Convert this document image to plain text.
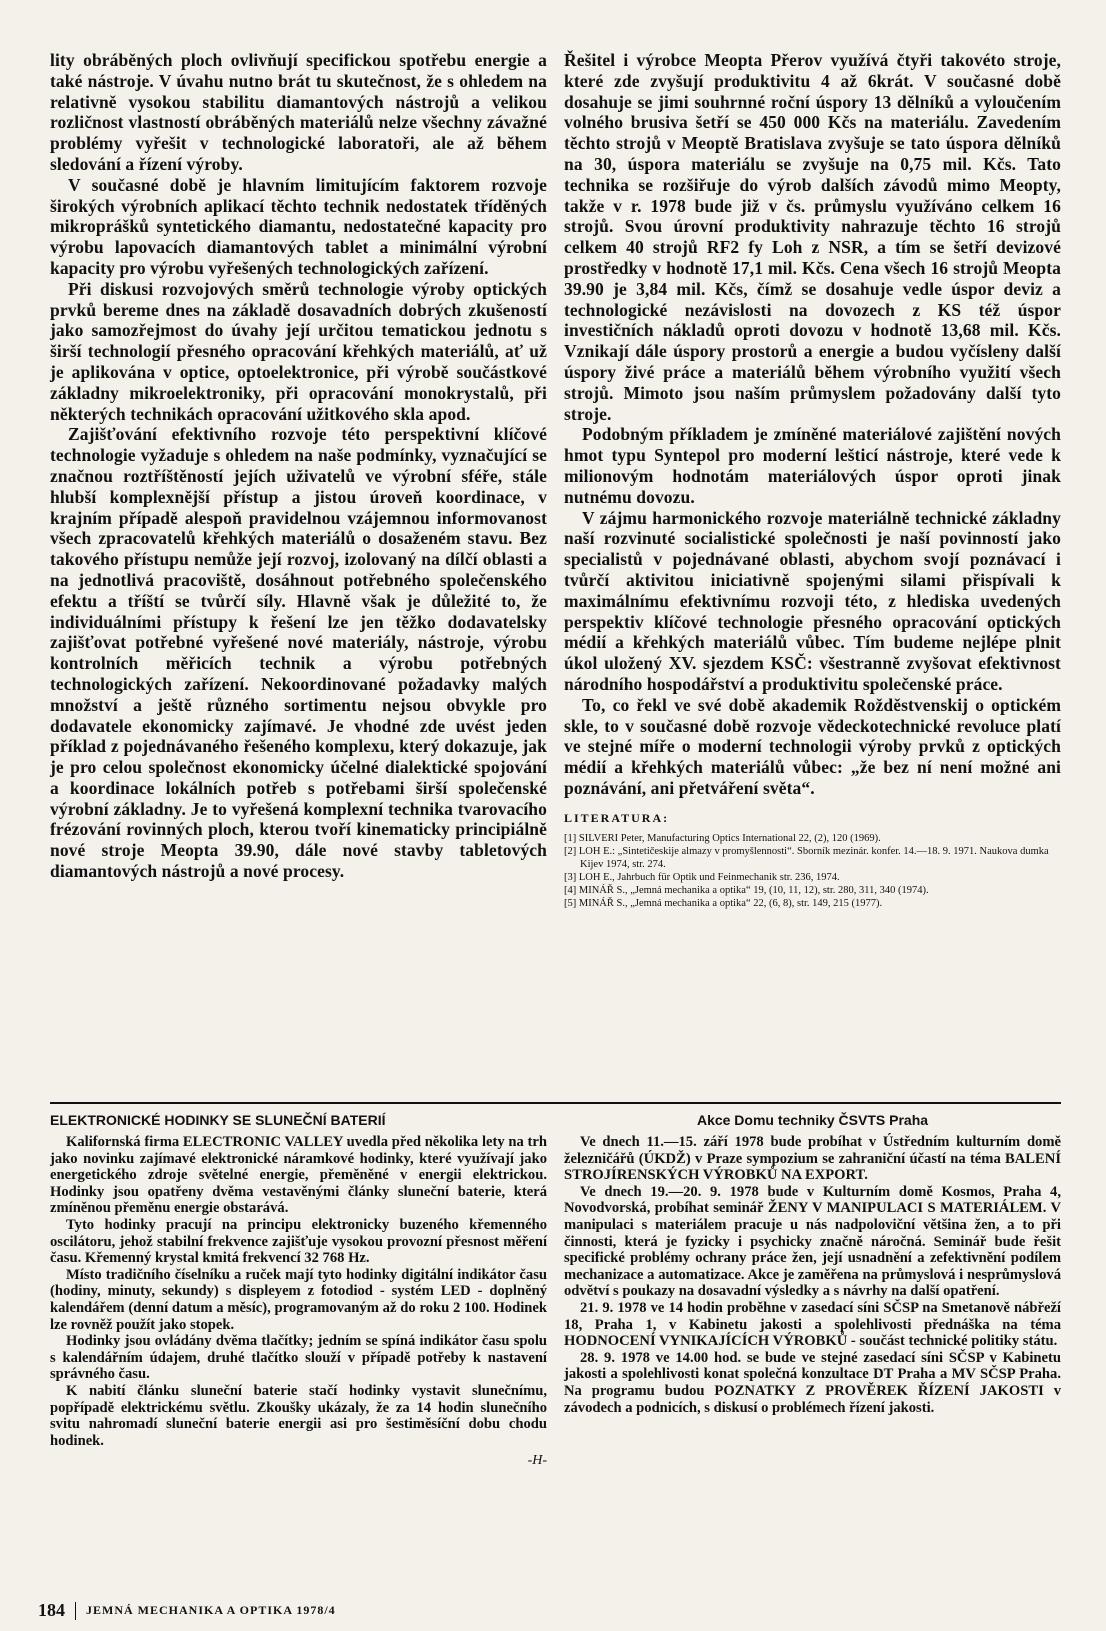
lity obráběných ploch ovlivňují specifickou spotřebu energie a také nástroje. V úvahu nutno brát tu skutečnost, že s ohledem na relativně vysokou stabilitu diamantových nástrojů a velikou rozličnost vlastností obráběných materiálů nelze všechny závažné problémy vyřešit v technologické laboratoři, ale až během sledování a řízení výroby.

V současné době je hlavním limitujícím faktorem rozvoje širokých výrobních aplikací těchto technik nedostatek tříděných mikroprášků syntetického diamantu, nedostatečné kapacity pro výrobu lapovacích diamantových tablet a minimální výrobní kapacity pro výrobu vyřešených technologických zařízení.

Při diskusi rozvojových směrů technologie výroby optických prvků bereme dnes na základě dosavadních dobrých zkušeností jako samozřejmost do úvahy její určitou tematickou jednotu s širší technologií přesného opracování křehkých materiálů, ať už je aplikována v optice, optoelektronice, při výrobě součástkové základny mikroelektroniky, při opracování monokrystalů, při některých technikách opracování užitkového skla apod.

Zajišťování efektivního rozvoje této perspektivní klíčové technologie vyžaduje s ohledem na naše podmínky, vyznačující se značnou roztříštěností jejích uživatelů ve výrobní sféře, stále hlubší komplexnější přístup a jistou úroveň koordinace, v krajním případě alespoň pravidelnou vzájemnou informovanost všech zpracovatelů křehkých materiálů o dosaženém stavu. Bez takového přístupu nemůže její rozvoj, izolovaný na dílčí oblasti a na jednotlivá pracoviště, dosáhnout potřebného společenského efektu a tříští se tvůrčí síly. Hlavně však je důležité to, že individuálními přístupy k řešení lze jen těžko dodavatelsky zajišťovat potřebné vyřešené nové materiály, nástroje, výrobu kontrolních měřicích technik a výrobu potřebných technologických zařízení. Nekoordinované požadavky malých množství a ještě různého sortimentu nejsou obvykle pro dodavatele ekonomicky zajímavé. Je vhodné zde uvést jeden příklad z pojednávaného řešeného komplexu, který dokazuje, jak je pro celou společnost ekonomicky účelné dialektické spojování a koordinace lokálních potřeb s potřebami širší společenské výrobní základny. Je to vyřešená komplexní technika tvarovacího frézování rovinných ploch, kterou tvoří kinematicky principiálně nové stroje Meopta 39.90, dále nové stavby tabletových diamantových nástrojů a nové procesy.

Řešitel i výrobce Meopta Přerov využívá čtyři takovéto stroje, které zde zvyšují produktivitu 4 až 6krát. V současné době dosahuje se jimi souhrnné roční úspory 13 dělníků a vyloučením volného brusiva šetří se 450 000 Kčs na materiálu. Zavedením těchto strojů v Meoptě Bratislava zvyšuje se tato úspora dělníků na 30, úspora materiálu se zvyšuje na 0,75 mil. Kčs. Tato technika se rozšiřuje do výrob dalších závodů mimo Meopty, takže v r. 1978 bude již v čs. průmyslu využíváno celkem 16 strojů. Svou úrovní produktivity nahrazuje těchto 16 strojů celkem 40 strojů RF2 fy Loh z NSR, a tím se šetří devizové prostředky v hodnotě 17,1 mil. Kčs. Cena všech 16 strojů Meopta 39.90 je 3,84 mil. Kčs, čímž se dosahuje vedle úspor deviz a technologické nezávislosti na dovozech z KS též úspor investičních nákladů oproti dovozu v hodnotě 13,68 mil. Kčs. Vznikají dále úspory prostorů a energie a budou vyčísleny další úspory živé práce a materiálů během výrobního využití všech strojů. Mimoto jsou naším průmyslem požadovány další tyto stroje.

Podobným příkladem je zmíněné materiálové zajištění nových hmot typu Syntepol pro moderní lešticí nástroje, které vede k milionovým hodnotám materiálových úspor oproti jinak nutnému dovozu.

V zájmu harmonického rozvoje materiálně technické základny naší rozvinuté socialistické společnosti je naší povinností jako specialistů v pojednávané oblasti, abychom svojí poznávací i tvůrčí aktivitou iniciativně spojenými silami přispívali k maximálnímu efektivnímu rozvoji této, z hlediska uvedených perspektiv klíčové technologie přesného opracování optických médií a křehkých materiálů vůbec. Tím budeme nejlépe plnit úkol uložený XV. sjezdem KSČ: všestranně zvyšovat efektivnost národního hospodářství a produktivitu společenské práce.

To, co řekl ve své době akademik Rožděstvenskij o optickém skle, to v současné době rozvoje vědeckotechnické revoluce platí ve stejné míře o moderní technologii výroby prvků z optických médií a křehkých materiálů vůbec: „že bez ní není možné ani poznávání, ani přetváření světa“.

LITERATURA:

[1] SILVERI Peter, Manufacturing Optics International 22, (2), 120 (1969).

[2] LOH E.: „Sintetičeskije almazy v promyšlennosti“. Sborník mezinár. konfer. 14.—18. 9. 1971. Naukova dumka Kijev 1974, str. 274.

[3] LOH E., Jahrbuch für Optik und Feinmechanik str. 236, 1974.

[4] MINÁŘ S., „Jemná mechanika a optika“ 19, (10, 11, 12), str. 280, 311, 340 (1974).

[5] MINÁŘ S., „Jemná mechanika a optika“ 22, (6, 8), str. 149, 215 (1977).

ELEKTRONICKÉ HODINKY SE SLUNEČNÍ BATERIÍ

Kalifornská firma ELECTRONIC VALLEY uvedla před několika lety na trh jako novinku zajímavé elektronické náramkové hodinky, které využívají jako energetického zdroje světelné energie, přeměněné v energii elektrickou. Hodinky jsou opatřeny dvěma vestavěnými články sluneční baterie, která zmíněnou přeměnu energie obstarává.

Tyto hodinky pracují na principu elektronicky buzeného křemenného oscilátoru, jehož stabilní frekvence zajišťuje vysokou provozní přesnost měření času. Křemenný krystal kmitá frekvencí 32 768 Hz.

Místo tradičního číselníku a ruček mají tyto hodinky digitální indikátor času (hodiny, minuty, sekundy) s displeyem z fotodiod - systém LED - doplněný kalendářem (denní datum a měsíc), programovaným až do roku 2 100. Hodinek lze rovněž použít jako stopek.

Hodinky jsou ovládány dvěma tlačítky; jedním se spíná indikátor času spolu s kalendářním údajem, druhé tlačítko slouží v případě potřeby k nastavení správného času.

K nabití článku sluneční baterie stačí hodinky vystavit slunečnímu, popřípadě elektrickému světlu. Zkoušky ukázaly, že za 14 hodin slunečního svitu nahromadí sluneční baterie energii asi pro šestiměsíční dobu chodu hodinek.

-H-

Akce Domu techniky ČSVTS Praha

Ve dnech 11.—15. září 1978 bude probíhat v Ústředním kulturním domě železničářů (ÚKDŽ) v Praze sympozium se zahraniční účastí na téma BALENÍ STROJÍRENSKÝCH VÝROBKŮ NA EXPORT.

Ve dnech 19.—20. 9. 1978 bude v Kulturním domě Kosmos, Praha 4, Novodvorská, probíhat seminář ŽENY V MANIPULACI S MATERIÁLEM. V manipulaci s materiálem pracuje u nás nadpoloviční většina žen, a to při činnosti, která je fyzicky i psychicky značně náročná. Seminář bude řešit specifické problémy ochrany práce žen, její usnadnění a zefektivnění podílem mechanizace a automatizace. Akce je zaměřena na průmyslová i nesprůmyslová odvětví s poukazy na dosavadní výsledky a s návrhy na další opatření.

21. 9. 1978 ve 14 hodin proběhne v zasedací síni SČSP na Smetanově nábřeží 18, Praha 1, v Kabinetu jakosti a spolehlivosti přednáška na téma HODNOCENÍ VYNIKAJÍCÍCH VÝROBKŮ - součást technické politiky státu.

28. 9. 1978 ve 14.00 hod. se bude ve stejné zasedací síni SČSP v Kabinetu jakosti a spolehlivosti konat společná konzultace DT Praha a MV SČSP Praha. Na programu budou POZNATKY Z PROVĚREK ŘÍZENÍ JAKOSTI v závodech a podnicích, s diskusí o problémech řízení jakosti.

184 JEMNÁ MECHANIKA A OPTIKA 1978/4
